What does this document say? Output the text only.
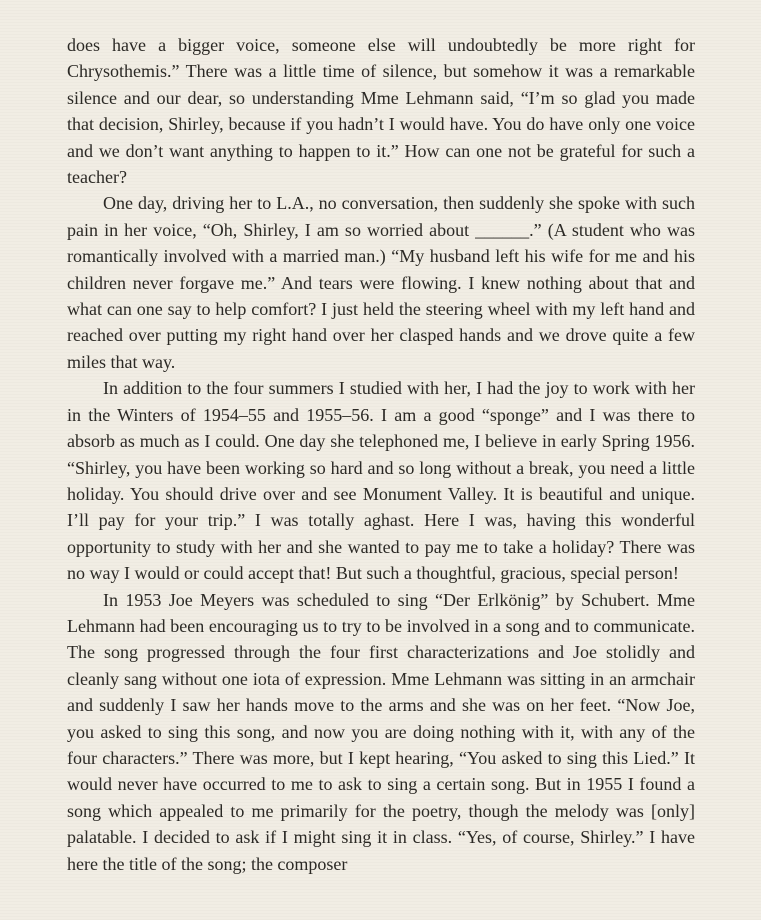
does have a bigger voice, someone else will undoubtedly be more right for Chrysothemis.” There was a little time of silence, but somehow it was a remarkable silence and our dear, so understanding Mme Lehmann said, “I’m so glad you made that decision, Shirley, because if you hadn’t I would have. You do have only one voice and we don’t want anything to happen to it.” How can one not be grateful for such a teacher?

One day, driving her to L.A., no conversation, then suddenly she spoke with such pain in her voice, “Oh, Shirley, I am so worried about ______.” (A student who was romantically involved with a married man.) “My husband left his wife for me and his children never forgave me.” And tears were flowing. I knew nothing about that and what can one say to help comfort? I just held the steering wheel with my left hand and reached over putting my right hand over her clasped hands and we drove quite a few miles that way.

In addition to the four summers I studied with her, I had the joy to work with her in the Winters of 1954–55 and 1955–56. I am a good “sponge” and I was there to absorb as much as I could. One day she telephoned me, I believe in early Spring 1956. “Shirley, you have been working so hard and so long without a break, you need a little holiday. You should drive over and see Monument Valley. It is beautiful and unique. I’ll pay for your trip.” I was totally aghast. Here I was, having this wonderful opportunity to study with her and she wanted to pay me to take a holiday? There was no way I would or could accept that! But such a thoughtful, gracious, special person!

In 1953 Joe Meyers was scheduled to sing “Der Erlkönig” by Schubert. Mme Lehmann had been encouraging us to try to be involved in a song and to communicate. The song progressed through the four first characterizations and Joe stolidly and cleanly sang without one iota of expression. Mme Lehmann was sitting in an armchair and suddenly I saw her hands move to the arms and she was on her feet. “Now Joe, you asked to sing this song, and now you are doing nothing with it, with any of the four characters.” There was more, but I kept hearing, “You asked to sing this Lied.” It would never have occurred to me to ask to sing a certain song. But in 1955 I found a song which appealed to me primarily for the poetry, though the melody was [only] palatable. I decided to ask if I might sing it in class. “Yes, of course, Shirley.” I have here the title of the song; the composer
